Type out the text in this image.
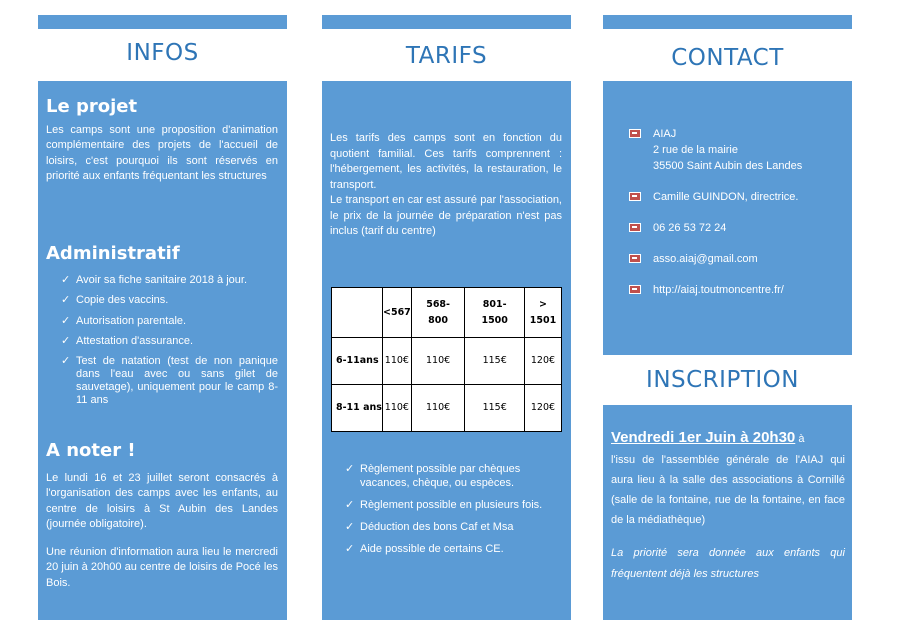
INFOS
Le projet
Les camps sont une proposition d'animation complémentaire des projets de l'accueil de loisirs, c'est pourquoi ils sont réservés en priorité aux enfants fréquentant les structures
Administratif
✓ Avoir sa fiche sanitaire 2018 à jour.
✓ Copie des vaccins.
✓ Autorisation parentale.
✓ Attestation d'assurance.
✓ Test de natation (test de non panique dans l'eau avec ou sans gilet de sauvetage), uniquement pour le camp 8-11 ans
A noter !
Le lundi 16 et 23 juillet seront consacrés à l'organisation des camps avec les enfants, au centre de loisirs à St Aubin des Landes (journée obligatoire).
Une réunion d'information aura lieu le mercredi 20 juin à 20h00 au centre de loisirs de Pocé les Bois.
TARIFS
Les tarifs des camps sont en fonction du quotient familial. Ces tarifs comprennent : l'hébergement, les activités, la restauration, le transport.
Le transport en car est assuré par l'association, le prix de la journée de préparation n'est pas inclus (tarif du centre)
	<567	568-800	801-1500	> 1501
6-11ans	110€	110€	115€	120€
8-11 ans	110€	110€	115€	120€
✓ Règlement possible par chèques vacances, chèque, ou espèces.
✓ Règlement possible en plusieurs fois.
✓ Déduction des bons Caf et Msa
✓ Aide possible de certains CE.
CONTACT
AIAJ
2 rue de la mairie
35500 Saint Aubin des Landes
Camille GUINDON, directrice.
06 26 53 72 24
asso.aiaj@gmail.com
http://aiaj.toutmoncentre.fr/
INSCRIPTION
Vendredi 1er Juin à 20h30 à
l'issu de l'assemblée générale de l'AIAJ qui aura lieu à la salle des associations à Cornillé (salle de la fontaine, rue de la fontaine, en face de la médiathèque)
La priorité sera donnée aux enfants qui fréquentent déjà les structures
